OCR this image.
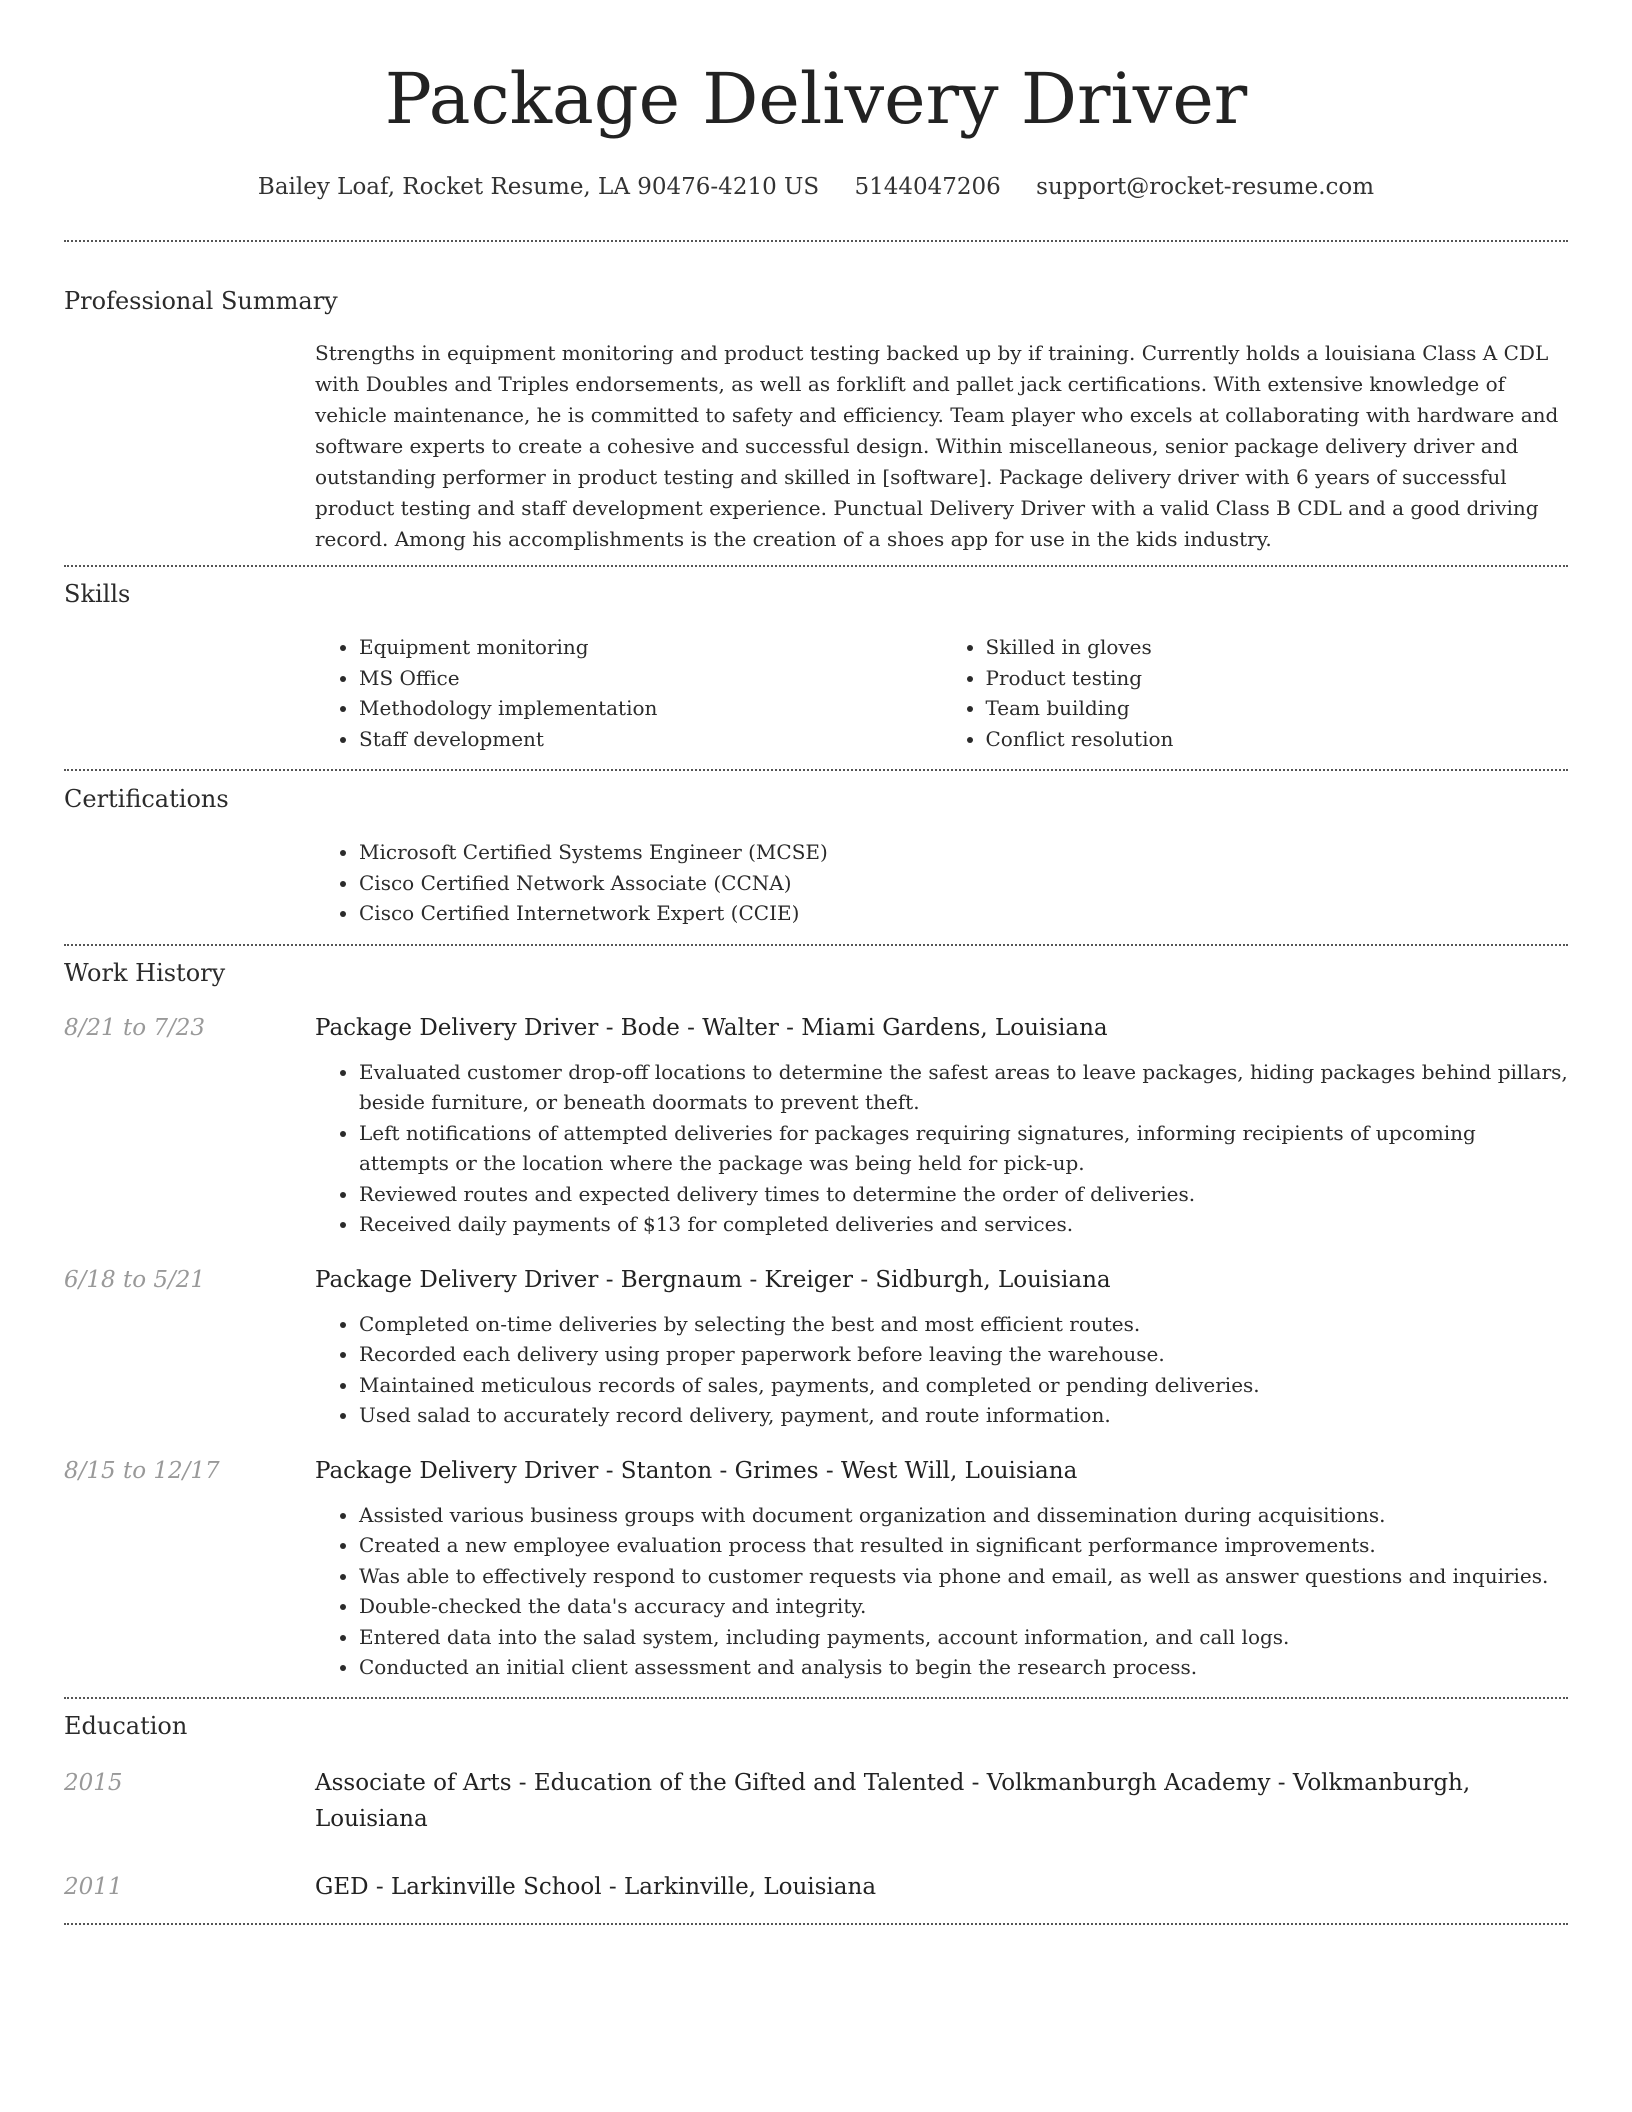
Package Delivery Driver
Bailey Loaf, Rocket Resume, LA 90476-4210 US 5144047206 support@rocket-resume.com
Professional Summary

Strengths in equipment monitoring and product testing backed up by if training. Currently holds a louisiana Class A CDL with Doubles and Triples endorsements, as well as forklift and pallet jack certifications. With extensive knowledge of vehicle maintenance, he is committed to safety and efficiency. Team player who excels at collaborating with hardware and software experts to create a cohesive and successful design. Within miscellaneous, senior package delivery driver and outstanding performer in product testing and skilled in [software]. Package delivery driver with 6 years of successful product testing and staff development experience. Punctual Delivery Driver with a valid Class B CDL and a good driving record. Among his accomplishments is the creation of a shoes app for use in the kids industry.

Skills
• Equipment monitoring
• MS Office
• Methodology implementation
• Staff development
• Skilled in gloves
• Product testing
• Team building
• Conflict resolution
Certifications
• Microsoft Certified Systems Engineer (MCSE)
• Cisco Certified Network Associate (CCNA)
• Cisco Certified Internetwork Expert (CCIE)
Work History
8/21 to 7/23	Package Delivery Driver - Bode - Walter - Miami Gardens, Louisiana
• Evaluated customer drop-off locations to determine the safest areas to leave packages, hiding packages behind pillars, beside furniture, or beneath doormats to prevent theft.
• Left notifications of attempted deliveries for packages requiring signatures, informing recipients of upcoming attempts or the location where the package was being held for pick-up.
• Reviewed routes and expected delivery times to determine the order of deliveries.
• Received daily payments of $13 for completed deliveries and services.
6/18 to 5/21	Package Delivery Driver - Bergnaum - Kreiger - Sidburgh, Louisiana
• Completed on-time deliveries by selecting the best and most efficient routes.
• Recorded each delivery using proper paperwork before leaving the warehouse.
• Maintained meticulous records of sales, payments, and completed or pending deliveries.
• Used salad to accurately record delivery, payment, and route information.
8/15 to 12/17	Package Delivery Driver - Stanton - Grimes - West Will, Louisiana
• Assisted various business groups with document organization and dissemination during acquisitions.
• Created a new employee evaluation process that resulted in significant performance improvements.
• Was able to effectively respond to customer requests via phone and email, as well as answer questions and inquiries.
• Double-checked the data's accuracy and integrity.
• Entered data into the salad system, including payments, account information, and call logs.
• Conducted an initial client assessment and analysis to begin the research process.
Education
2015	Associate of Arts - Education of the Gifted and Talented - Volkmanburgh Academy - Volkmanburgh, Louisiana
2011	GED - Larkinville School - Larkinville, Louisiana
